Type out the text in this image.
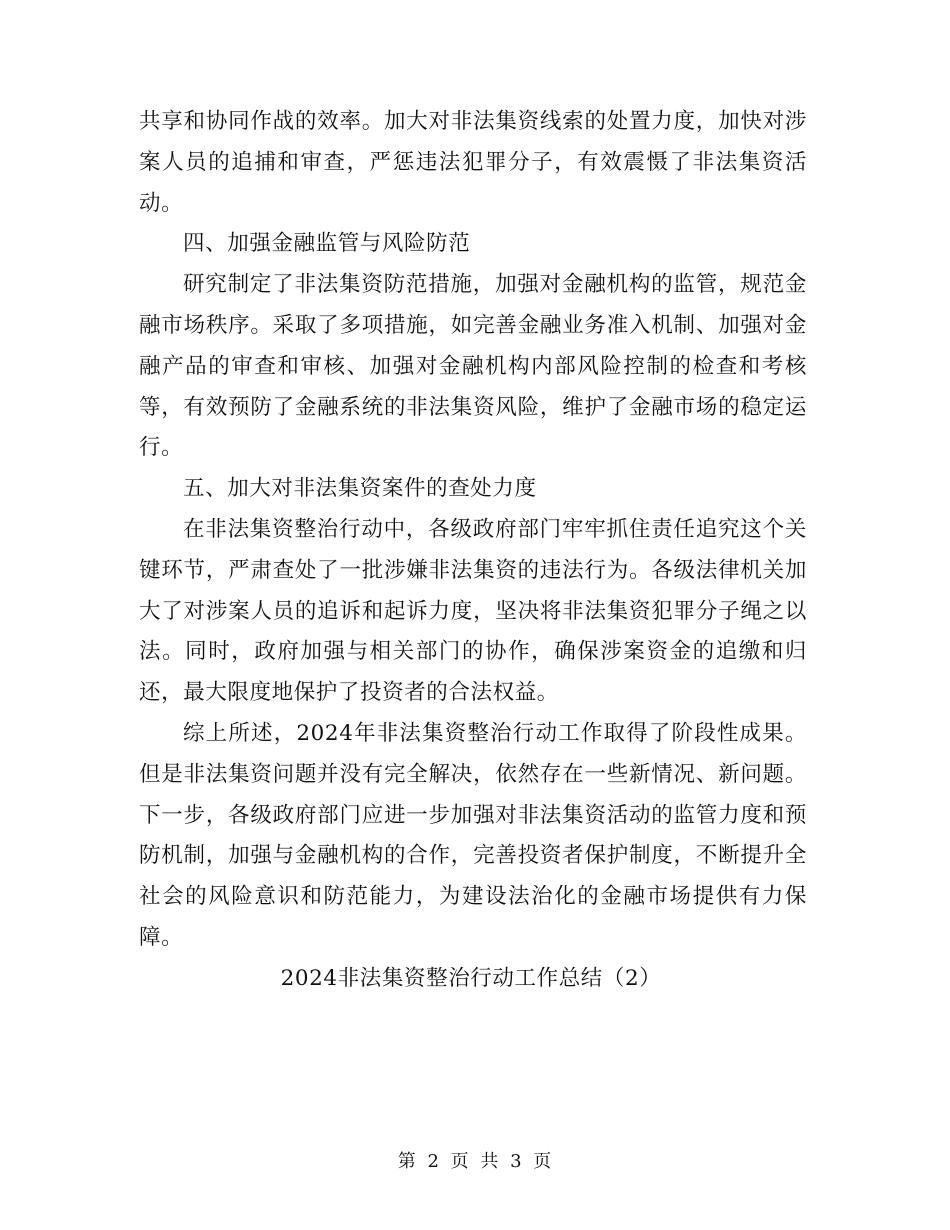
共享和协同作战的效率。加大对非法集资线索的处置力度，加快对涉案人员的追捕和审查，严惩违法犯罪分子，有效震慑了非法集资活动。

四、加强金融监管与风险防范

研究制定了非法集资防范措施，加强对金融机构的监管，规范金融市场秩序。采取了多项措施，如完善金融业务准入机制、加强对金融产品的审查和审核、加强对金融机构内部风险控制的检查和考核等，有效预防了金融系统的非法集资风险，维护了金融市场的稳定运行。

五、加大对非法集资案件的查处力度

在非法集资整治行动中，各级政府部门牢牢抓住责任追究这个关键环节，严肃查处了一批涉嫌非法集资的违法行为。各级法律机关加大了对涉案人员的追诉和起诉力度，坚决将非法集资犯罪分子绳之以法。同时，政府加强与相关部门的协作，确保涉案资金的追缴和归还，最大限度地保护了投资者的合法权益。

综上所述，2024年非法集资整治行动工作取得了阶段性成果。但是非法集资问题并没有完全解决，依然存在一些新情况、新问题。下一步，各级政府部门应进一步加强对非法集资活动的监管力度和预防机制，加强与金融机构的合作，完善投资者保护制度，不断提升全社会的风险意识和防范能力，为建设法治化的金融市场提供有力保障。

2024非法集资整治行动工作总结（2）

第 2 页 共 3 页
